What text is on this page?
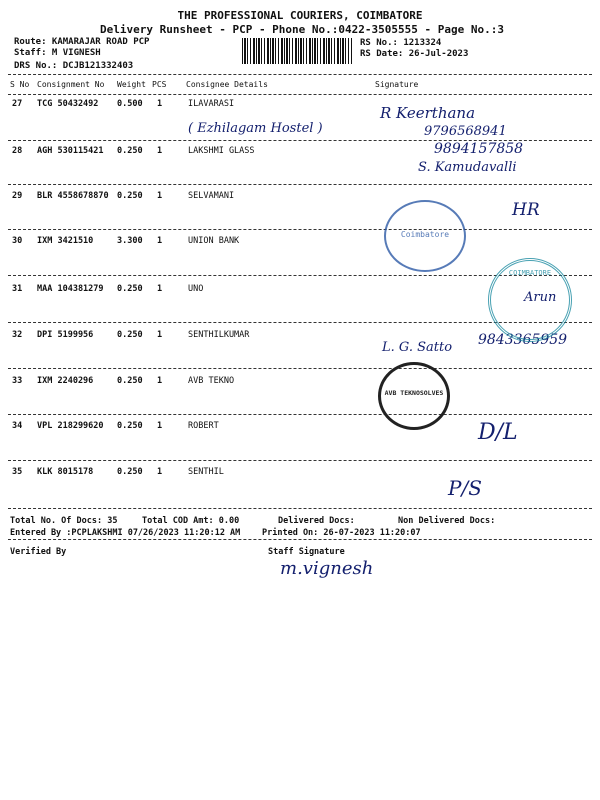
THE PROFESSIONAL COURIERS, COIMBATORE
Delivery Runsheet - PCP - Phone No.:0422-3505555 - Page No.:3
Route: KAMARAJAR ROAD PCP
Staff: M VIGNESH
DRS No.: DCJB121332403
RS No.: 1213324
RS Date: 26-Jul-2023
S No Consignment No Weight PCS Consignee Details	Signature
27 TCG 50432492 0.500 1	ILAVARASI
28 AGH 530115421 0.250 1	LAKSHMI GLASS
29 BLR 4558678870 0.250 1	SELVAMANI
30 IXM 3421510	3.300 1	UNION BANK
31 MAA 104381279 0.250 1	UNO
32 DPI 5199956	0.250 1	SENTHILKUMAR
33 IXM 2240296	0.250 1	AVB TEKNO
34 VPL 218299620 0.250 1	ROBERT
35 KLK 8015178	0.250 1	SENTHIL
( Ezhilagam Hostel )
R Keerthana
9796568941
9894157858
S. Kamudavalli
HR
Arun
L. G. Satto 9843365959
D/L
P/S
Coimbatore
COIMBATORE
AVB TEKNOSOLVES
Total No. Of Docs: 35	Total COD Amt: 0.00	Delivered Docs:	Non Delivered Docs:
Entered By :PCPLAKSHMI 07/26/2023 11:20:12 AM	Printed On: 26-07-2023 11:20:07
Verified By	Staff Signature
m.vignesh
